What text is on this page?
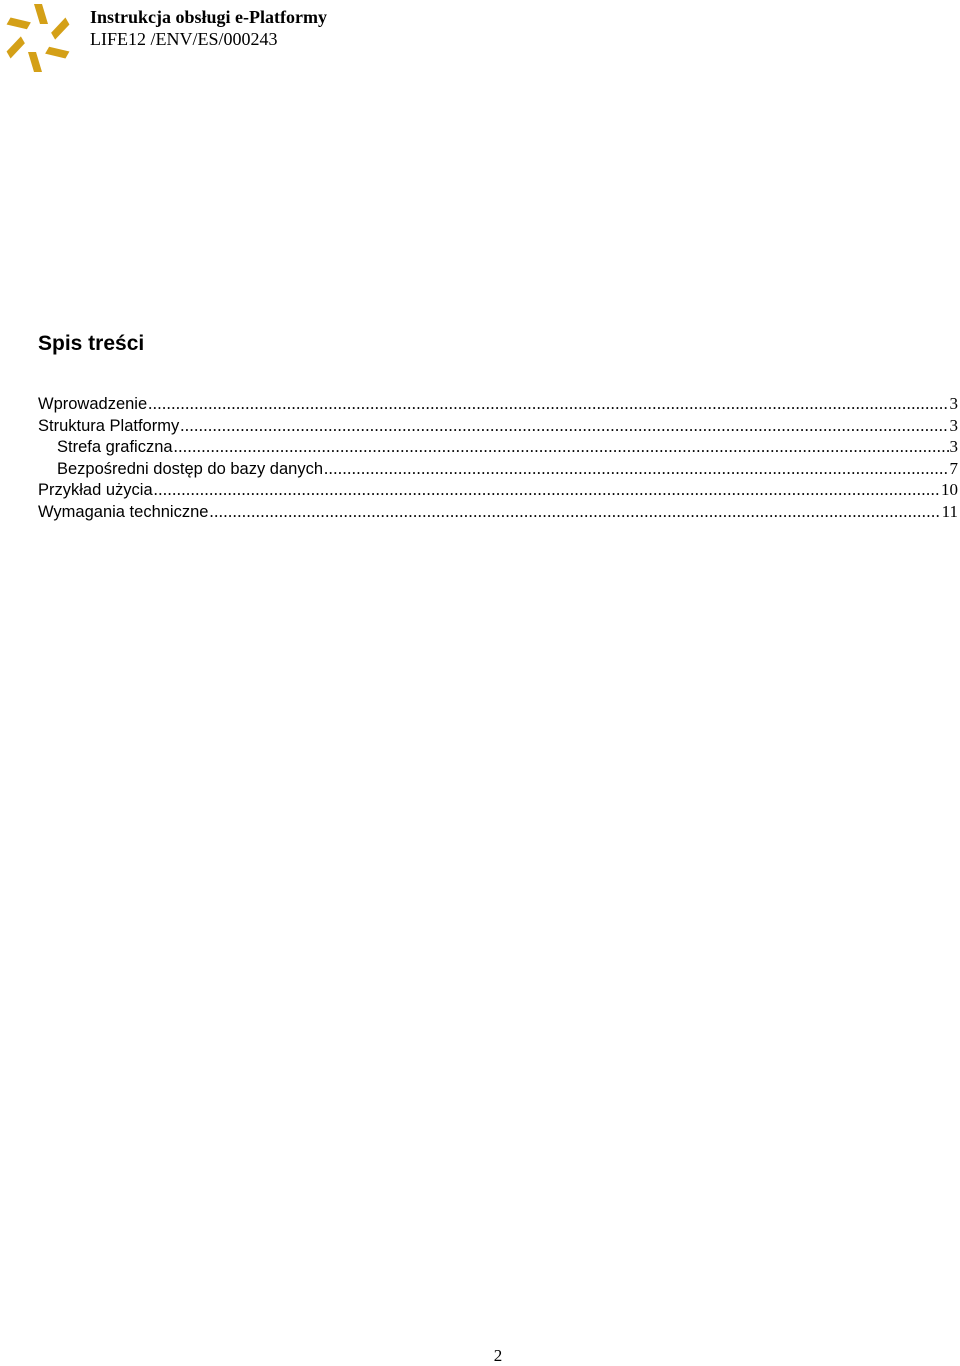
Instrukcja obsługi e-Platformy
LIFE12 /ENV/ES/000243
Spis treści
Wprowadzenie .....	3
Struktura Platformy .....	3
Strefa graficzna .....	3
Bezpośredni dostęp do bazy danych .....	7
Przykład użycia .....	10
Wymagania techniczne .....	11
2
